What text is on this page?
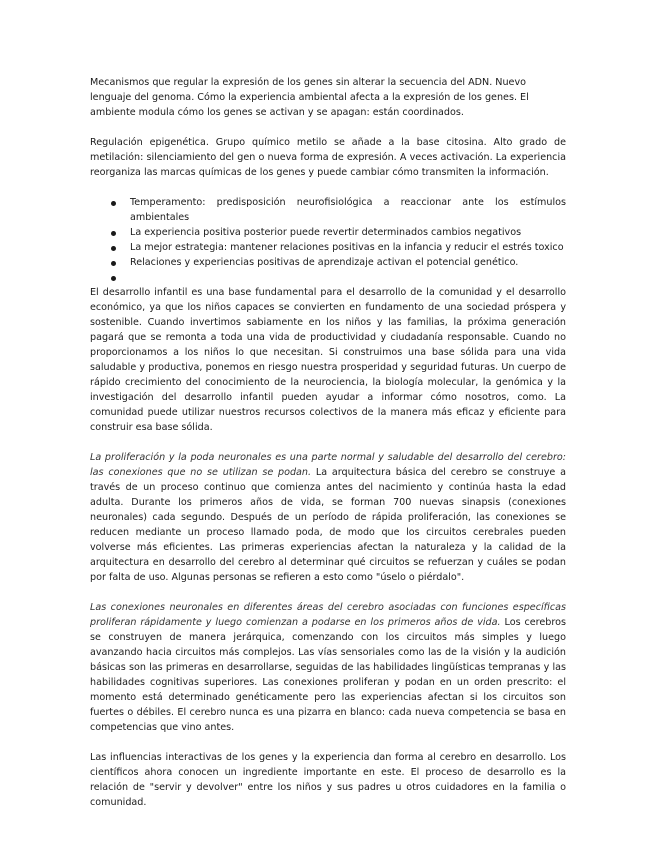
Mecanismos que regular la expresión de los genes sin alterar la secuencia del ADN. Nuevo lenguaje del genoma. Cómo la experiencia ambiental afecta a la expresión de los genes. El ambiente modula cómo los genes se activan y se apagan: están coordinados.

Regulación epigenética. Grupo químico metilo se añade a la base citosina. Alto grado de metilación: silenciamiento del gen o nueva forma de expresión. A veces activación. La experiencia reorganiza las marcas químicas de los genes y puede cambiar cómo transmiten la información.

Temperamento: predisposición neurofisiológica a reaccionar ante los estímulos ambientales
La experiencia positiva posterior puede revertir determinados cambios negativos
La mejor estrategia: mantener relaciones positivas en la infancia y reducir el estrés toxico
Relaciones y experiencias positivas de aprendizaje activan el potencial genético.

El desarrollo infantil es una base fundamental para el desarrollo de la comunidad y el desarrollo económico, ya que los niños capaces se convierten en fundamento de una sociedad próspera y sostenible. Cuando invertimos sabiamente en los niños y las familias, la próxima generación pagará que se remonta a toda una vida de productividad y ciudadanía responsable. Cuando no proporcionamos a los niños lo que necesitan. Si construimos una base sólida para una vida saludable y productiva, ponemos en riesgo nuestra prosperidad y seguridad futuras. Un cuerpo de rápido crecimiento del conocimiento de la neurociencia, la biología molecular, la genómica y la investigación del desarrollo infantil pueden ayudar a informar cómo nosotros, como. La comunidad puede utilizar nuestros recursos colectivos de la manera más eficaz y eficiente para construir esa base sólida.

La proliferación y la poda neuronales es una parte normal y saludable del desarrollo del cerebro: las conexiones que no se utilizan se podan. La arquitectura básica del cerebro se construye a través de un proceso continuo que comienza antes del nacimiento y continúa hasta la edad adulta. Durante los primeros años de vida, se forman 700 nuevas sinapsis (conexiones neuronales) cada segundo. Después de un período de rápida proliferación, las conexiones se reducen mediante un proceso llamado poda, de modo que los circuitos cerebrales pueden volverse más eficientes. Las primeras experiencias afectan la naturaleza y la calidad de la arquitectura en desarrollo del cerebro al determinar qué circuitos se refuerzan y cuáles se podan por falta de uso. Algunas personas se refieren a esto como "úselo o piérdalo".

Las conexiones neuronales en diferentes áreas del cerebro asociadas con funciones específicas proliferan rápidamente y luego comienzan a podarse en los primeros años de vida. Los cerebros se construyen de manera jerárquica, comenzando con los circuitos más simples y luego avanzando hacia circuitos más complejos. Las vías sensoriales como las de la visión y la audición básicas son las primeras en desarrollarse, seguidas de las habilidades lingüísticas tempranas y las habilidades cognitivas superiores. Las conexiones proliferan y podan en un orden prescrito: el momento está determinado genéticamente pero las experiencias afectan si los circuitos son fuertes o débiles. El cerebro nunca es una pizarra en blanco: cada nueva competencia se basa en competencias que vino antes.

Las influencias interactivas de los genes y la experiencia dan forma al cerebro en desarrollo. Los científicos ahora conocen un ingrediente importante en este. El proceso de desarrollo es la relación de "servir y devolver" entre los niños y sus padres u otros cuidadores en la familia o comunidad.
